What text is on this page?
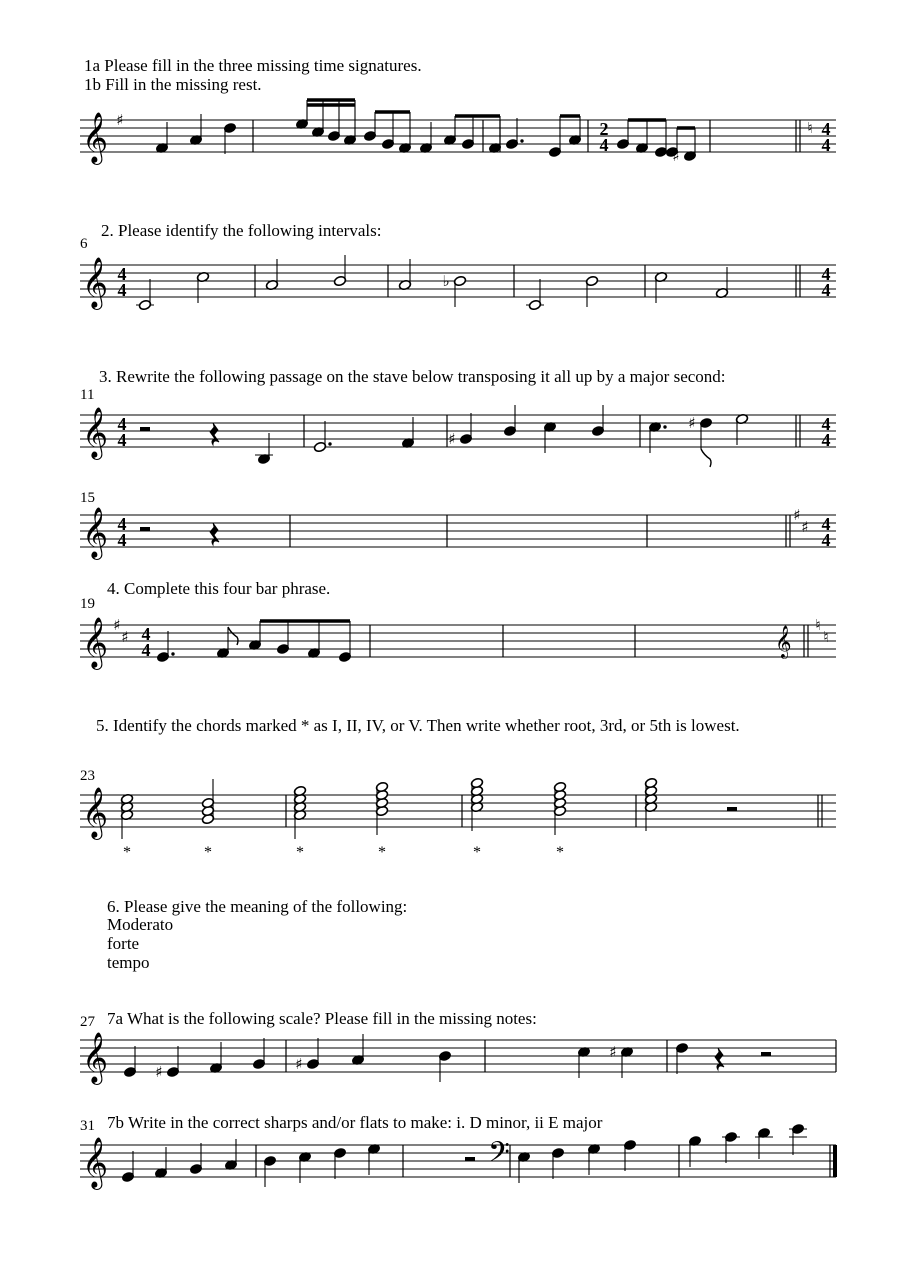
1a Please fill in the three missing time signatures.
1b Fill in the missing rest.
𝄞 ♯	2
4
♯
♮ 4
4
2. Please identify the following intervals:
6
𝄞 4
4	♭	4
4
3. Rewrite the following passage on the stave below transposing it all up by a major second:
11
𝄞 4
4	♯
♯	4
4
15
𝄞 4
4
♯
♯ 4
4
4. Complete this four bar phrase.
19
𝄞 ♯
♯ 4
4	𝄞 ♮
♮
5. Identify the chords marked * as I, II, IV, or V. Then write whether root, 3rd, or 5th is lowest.
23
𝄞
*	*	*	*	*	*
6. Please give the meaning of the following:
Moderato
forte
tempo
7a What is the following scale? Please fill in the missing notes:
27
𝄞	♯	♯
♯
7b Write in the correct sharps and/or flats to make: i. D minor, ii E major
31
𝄞	𝄢
